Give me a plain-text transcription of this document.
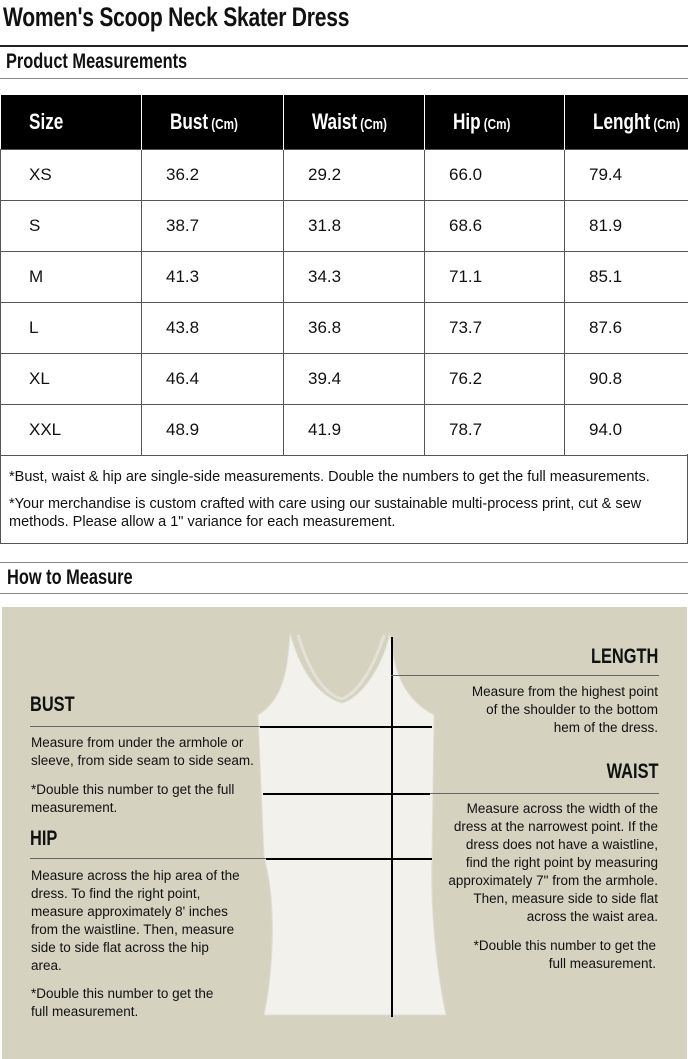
Women's Scoop Neck Skater Dress
Product Measurements
Size	Bust (Cm)	Waist (Cm)	Hip (Cm)	Lenght (Cm)
XS	36.2	29.2	66.0	79.4
S	38.7	31.8	68.6	81.9
M	41.3	34.3	71.1	85.1
L	43.8	36.8	73.7	87.6
XL	46.4	39.4	76.2	90.8
XXL	48.9	41.9	78.7	94.0

*Bust, waist & hip are single-side measurements. Double the numbers to get the full measurements.

*Your merchandise is custom crafted with care using our sustainable multi-process print, cut & sew methods. Please allow a 1" variance for each measurement.

How to Measure
BUST
Measure from under the armhole or
sleeve, from side seam to side seam.
*Double this number to get the full
measurement.
HIP
Measure across the hip area of the
dress. To find the right point,
measure approximately 8' inches
from the waistline. Then, measure
side to side flat across the hip
area.
*Double this number to get the
full measurement.
LENGTH
Measure from the highest point
of the shoulder to the bottom
hem of the dress.
WAIST
Measure across the width of the
dress at the narrowest point. If the
dress does not have a waistline,
find the right point by measuring
approximately 7" from the armhole.
Then, measure side to side flat
across the waist area.
*Double this number to get the
full measurement.
